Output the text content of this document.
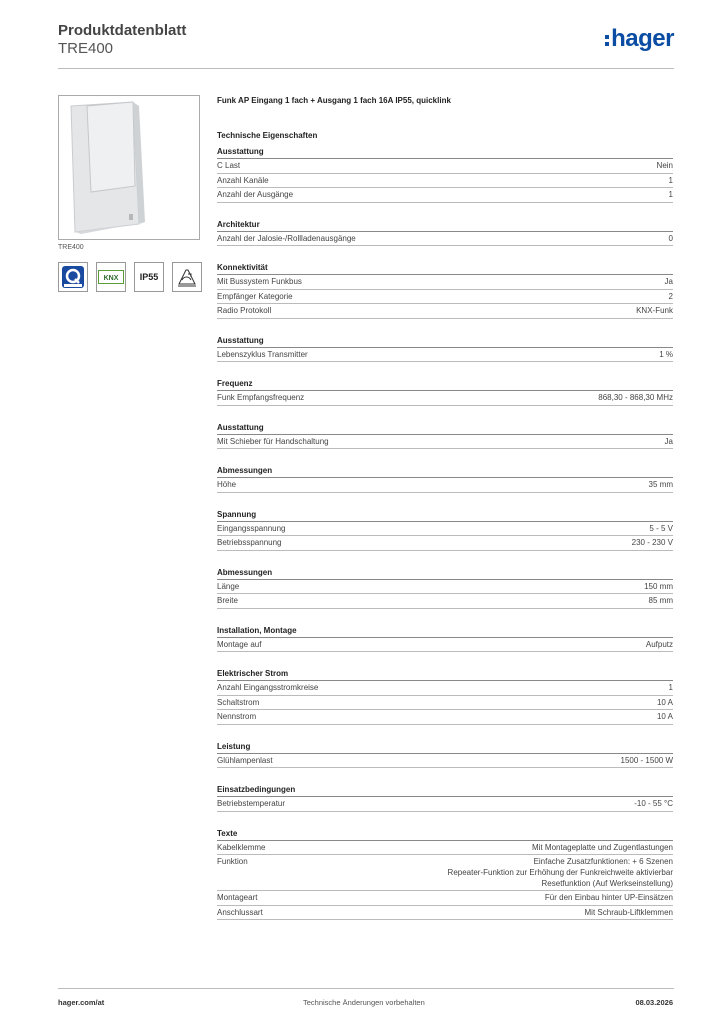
Produktdatenblatt
TRE400	hager
TRE400
KNX IP55
Funk AP Eingang 1 fach + Ausgang 1 fach 16A IP55, quicklink
Technische Eigenschaften
Ausstattung
C Last	Nein
Anzahl Kanäle	1
Anzahl der Ausgänge	1
Architektur
Anzahl der Jalosie-/Rollladenausgänge	0
Konnektivität
Mit Bussystem Funkbus	Ja
Empfänger Kategorie	2
Radio Protokoll	KNX-Funk
Ausstattung
Lebenszyklus Transmitter	1 %
Frequenz
Funk Empfangsfrequenz	868,30 - 868,30 MHz
Ausstattung
Mit Schieber für Handschaltung	Ja
Abmessungen
Höhe	35 mm
Spannung
Eingangsspannung	5 - 5 V
Betriebsspannung	230 - 230 V
Abmessungen
Länge	150 mm
Breite	85 mm
Installation, Montage
Montage auf	Aufputz
Elektrischer Strom
Anzahl Eingangsstromkreise	1
Schaltstrom	10 A
Nennstrom	10 A
Leistung
Glühlampenlast	1500 - 1500 W
Einsatzbedingungen
Betriebstemperatur	-10 - 55 °C
Texte
Kabelklemme	Mit Montageplatte und Zugentlastungen
Funktion	Einfache Zusatzfunktionen: + 6 Szenen
Repeater-Funktion zur Erhöhung der Funkreichweite aktivierbar
Resetfunktion (Auf Werkseinstellung)
Montageart	Für den Einbau hinter UP-Einsätzen
Anschlussart	Mit Schraub-Liftklemmen
hager.com/at	Technische Änderungen vorbehalten	08.03.2026
